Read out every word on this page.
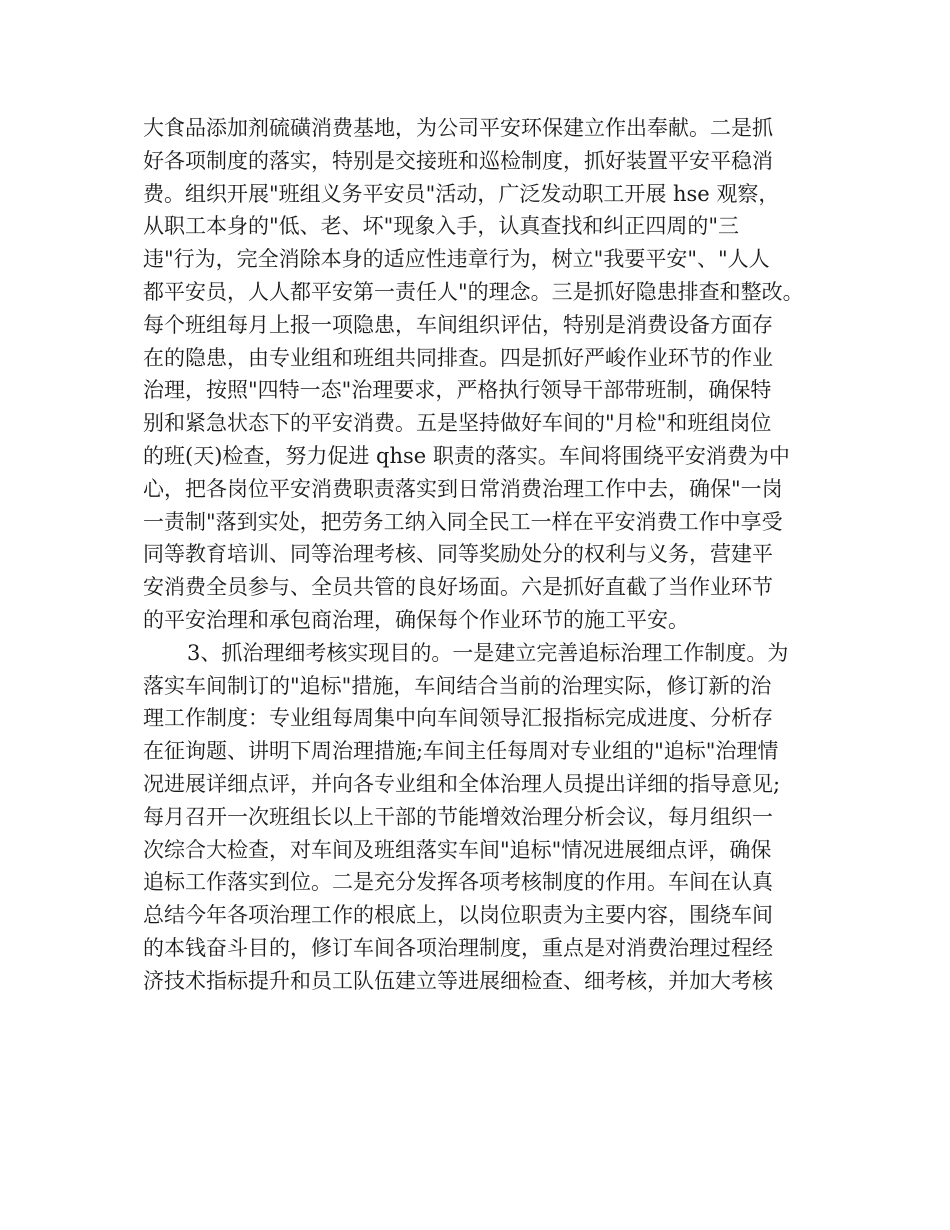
大食品添加剂硫磺消费基地，为公司平安环保建立作出奉献。二是抓
好各项制度的落实，特别是交接班和巡检制度，抓好装置平安平稳消
费。组织开展"班组义务平安员"活动，广泛发动职工开展 hse 观察，
从职工本身的"低、老、坏"现象入手，认真查找和纠正四周的"三
违"行为，完全消除本身的适应性违章行为，树立"我要平安"、"人人
都平安员，人人都平安第一责任人"的理念。三是抓好隐患排查和整改。
每个班组每月上报一项隐患，车间组织评估，特别是消费设备方面存
在的隐患，由专业组和班组共同排查。四是抓好严峻作业环节的作业
治理，按照"四特一态"治理要求，严格执行领导干部带班制，确保特
别和紧急状态下的平安消费。五是坚持做好车间的"月检"和班组岗位
的班(天)检查，努力促进 qhse 职责的落实。车间将围绕平安消费为中
心，把各岗位平安消费职责落实到日常消费治理工作中去，确保"一岗
一责制"落到实处，把劳务工纳入同全民工一样在平安消费工作中享受
同等教育培训、同等治理考核、同等奖励处分的权利与义务，营建平
安消费全员参与、全员共管的良好场面。六是抓好直截了当作业环节
的平安治理和承包商治理，确保每个作业环节的施工平安。
3、抓治理细考核实现目的。一是建立完善追标治理工作制度。为
落实车间制订的"追标"措施，车间结合当前的治理实际，修订新的治
理工作制度：专业组每周集中向车间领导汇报指标完成进度、分析存
在征询题、讲明下周治理措施;车间主任每周对专业组的"追标"治理情
况进展详细点评，并向各专业组和全体治理人员提出详细的指导意见;
每月召开一次班组长以上干部的节能增效治理分析会议，每月组织一
次综合大检查，对车间及班组落实车间"追标"情况进展细点评，确保
追标工作落实到位。二是充分发挥各项考核制度的作用。车间在认真
总结今年各项治理工作的根底上，以岗位职责为主要内容，围绕车间
的本钱奋斗目的，修订车间各项治理制度，重点是对消费治理过程经
济技术指标提升和员工队伍建立等进展细检查、细考核，并加大考核
